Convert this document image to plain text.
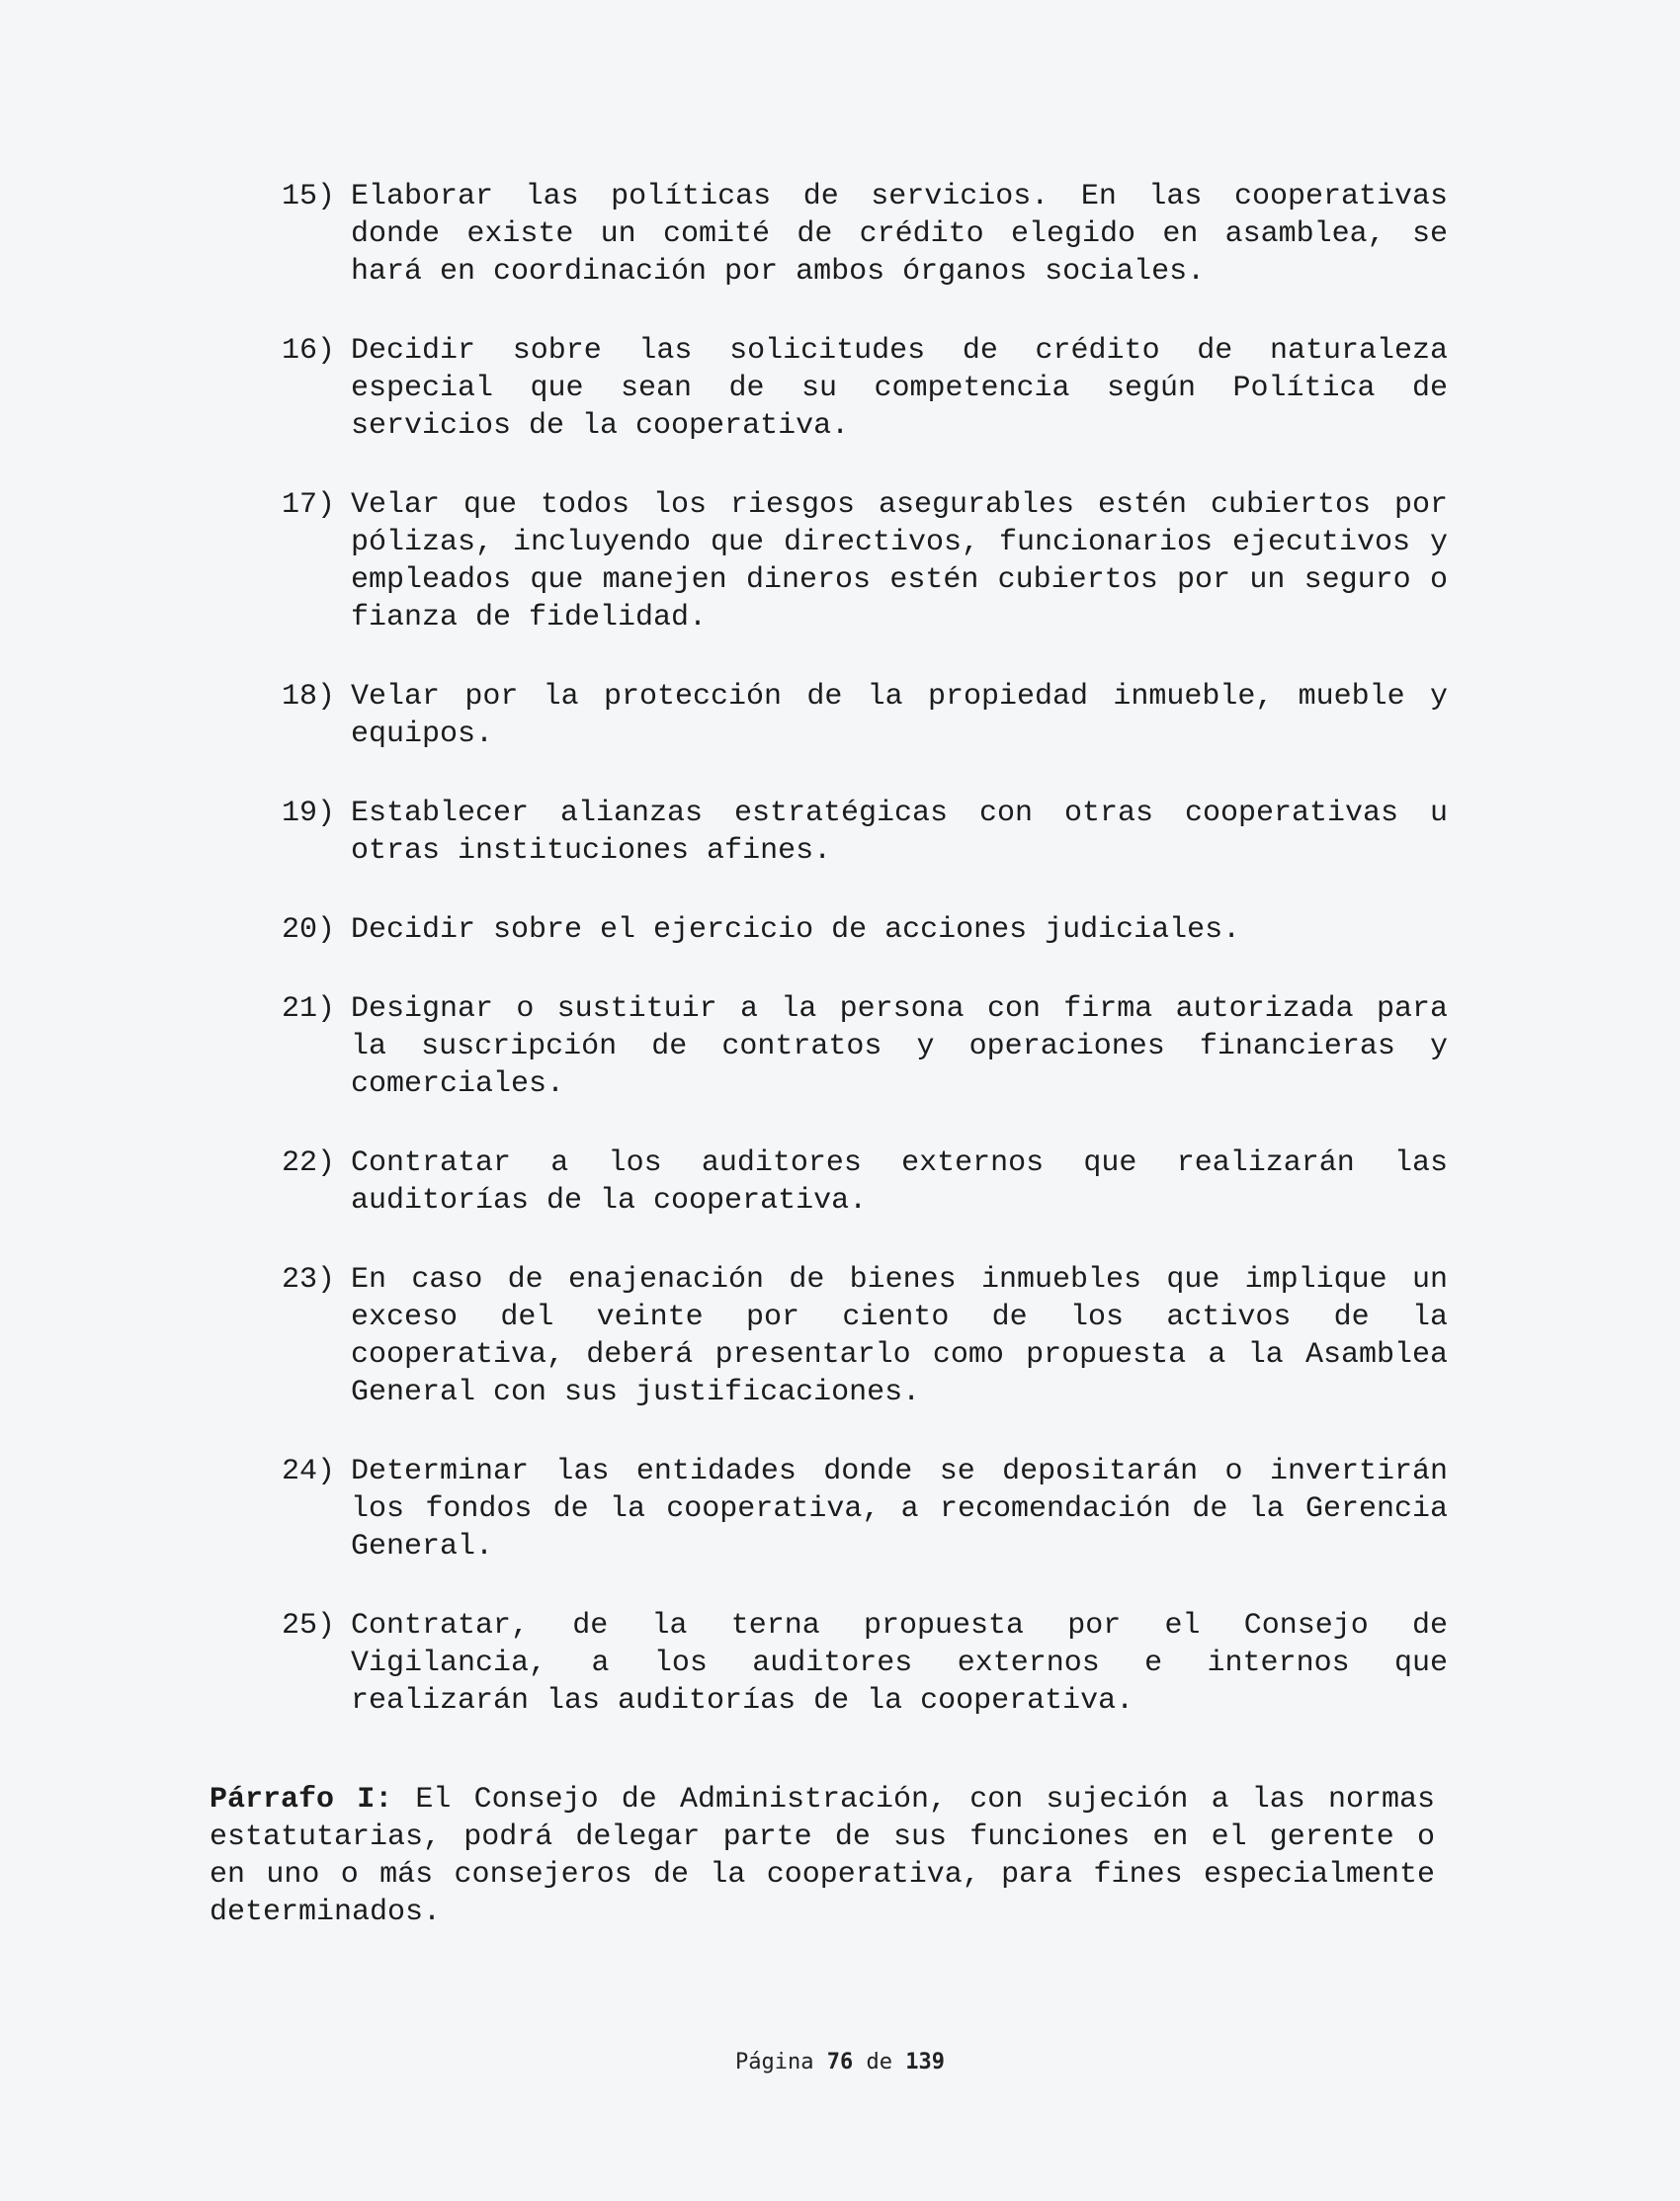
15) Elaborar las políticas de servicios. En las cooperativas donde existe un comité de crédito elegido en asamblea, se hará en coordinación por ambos órganos sociales.
16) Decidir sobre las solicitudes de crédito de naturaleza especial que sean de su competencia según Política de servicios de la cooperativa.
17) Velar que todos los riesgos asegurables estén cubiertos por pólizas, incluyendo que directivos, funcionarios ejecutivos y empleados que manejen dineros estén cubiertos por un seguro o fianza de fidelidad.
18) Velar por la protección de la propiedad inmueble, mueble y equipos.
19) Establecer alianzas estratégicas con otras cooperativas u otras instituciones afines.
20) Decidir sobre el ejercicio de acciones judiciales.
21) Designar o sustituir a la persona con firma autorizada para la suscripción de contratos y operaciones financieras y comerciales.
22) Contratar a los auditores externos que realizarán las auditorías de la cooperativa.
23) En caso de enajenación de bienes inmuebles que implique un exceso del veinte por ciento de los activos de la cooperativa, deberá presentarlo como propuesta a la Asamblea General con sus justificaciones.
24) Determinar las entidades donde se depositarán o invertirán los fondos de la cooperativa, a recomendación de la Gerencia General.
25) Contratar, de la terna propuesta por el Consejo de Vigilancia, a los auditores externos e internos que realizarán las auditorías de la cooperativa.

Párrafo I: El Consejo de Administración, con sujeción a las normas estatutarias, podrá delegar parte de sus funciones en el gerente o en uno o más consejeros de la cooperativa, para fines especialmente determinados.

Página 76 de 139
